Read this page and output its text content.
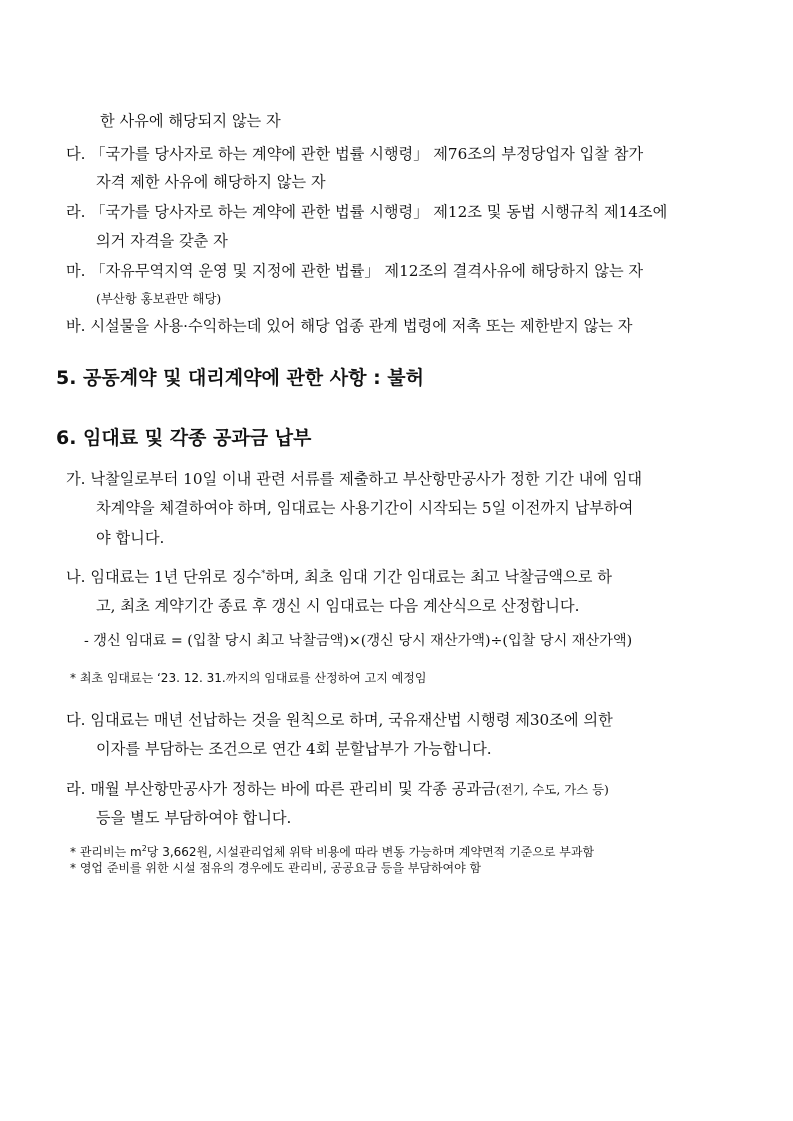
한 사유에 해당되지 않는 자
다. 「국가를 당사자로 하는 계약에 관한 법률 시행령」 제76조의 부정당업자 입찰 참가
자격 제한 사유에 해당하지 않는 자
라. 「국가를 당사자로 하는 계약에 관한 법률 시행령」 제12조 및 동법 시행규칙 제14조에
의거 자격을 갖춘 자
마. 「자유무역지역 운영 및 지정에 관한 법률」 제12조의 결격사유에 해당하지 않는 자
(부산항 홍보관만 해당)
바. 시설물을 사용·수익하는데 있어 해당 업종 관계 법령에 저촉 또는 제한받지 않는 자
5. 공동계약 및 대리계약에 관한 사항 : 불허
6. 임대료 및 각종 공과금 납부
가. 낙찰일로부터 10일 이내 관련 서류를 제출하고 부산항만공사가 정한 기간 내에 임대
차계약을 체결하여야 하며, 임대료는 사용기간이 시작되는 5일 이전까지 납부하여
야 합니다.
나. 임대료는 1년 단위로 징수*하며, 최초 임대 기간 임대료는 최고 낙찰금액으로 하
고, 최초 계약기간 종료 후 갱신 시 임대료는 다음 계산식으로 산정합니다.
- 갱신 임대료 = (입찰 당시 최고 낙찰금액)×(갱신 당시 재산가액)÷(입찰 당시 재산가액)
* 최초 임대료는 ‘23. 12. 31.까지의 임대료를 산정하여 고지 예정임
다. 임대료는 매년 선납하는 것을 원칙으로 하며, 국유재산법 시행령 제30조에 의한
이자를 부담하는 조건으로 연간 4회 분할납부가 가능합니다.
라. 매월 부산항만공사가 정하는 바에 따른 관리비 및 각종 공과금(전기, 수도, 가스 등)
등을 별도 부담하여야 합니다.
* 관리비는 $m^2$당 3,662원, 시설관리업체 위탁 비용에 따라 변동 가능하며 계약면적 기준으로 부과함
* 영업 준비를 위한 시설 점유의 경우에도 관리비, 공공요금 등을 부담하여야 함
